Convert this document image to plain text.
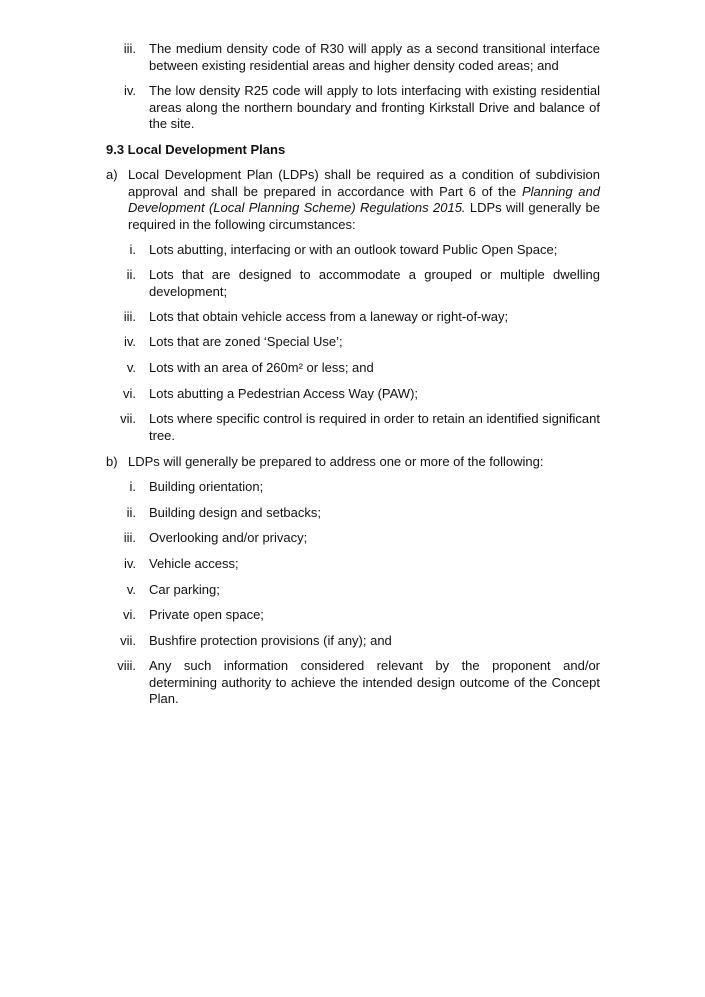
iii. The medium density code of R30 will apply as a second transitional interface between existing residential areas and higher density coded areas; and
iv. The low density R25 code will apply to lots interfacing with existing residential areas along the northern boundary and fronting Kirkstall Drive and balance of the site.
9.3 Local Development Plans
a) Local Development Plan (LDPs) shall be required as a condition of subdivision approval and shall be prepared in accordance with Part 6 of the Planning and Development (Local Planning Scheme) Regulations 2015. LDPs will generally be required in the following circumstances:
i. Lots abutting, interfacing or with an outlook toward Public Open Space;
ii. Lots that are designed to accommodate a grouped or multiple dwelling development;
iii. Lots that obtain vehicle access from a laneway or right-of-way;
iv. Lots that are zoned ‘Special Use’;
v. Lots with an area of 260m² or less; and
vi. Lots abutting a Pedestrian Access Way (PAW);
vii. Lots where specific control is required in order to retain an identified significant tree.
b) LDPs will generally be prepared to address one or more of the following:
i. Building orientation;
ii. Building design and setbacks;
iii. Overlooking and/or privacy;
iv. Vehicle access;
v. Car parking;
vi. Private open space;
vii. Bushfire protection provisions (if any); and
viii. Any such information considered relevant by the proponent and/or determining authority to achieve the intended design outcome of the Concept Plan.
